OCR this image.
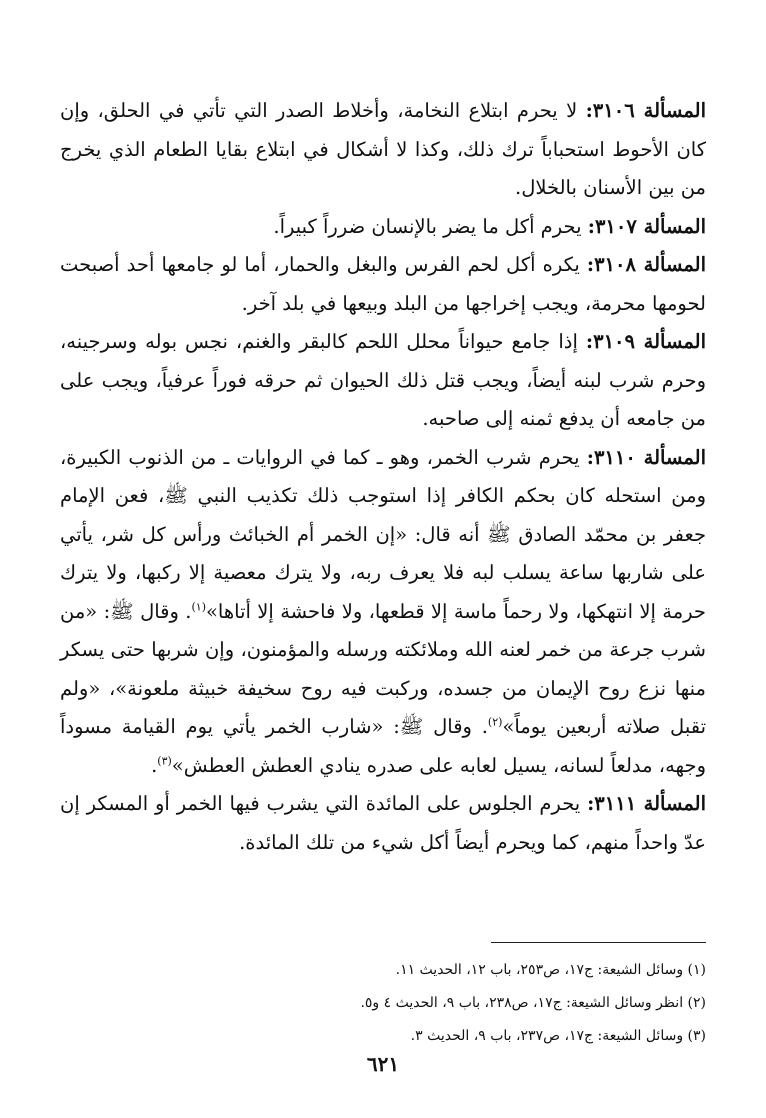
المسألة ٣١٠٦: لا يحرم ابتلاع النخامة، وأخلاط الصدر التي تأتي في الحلق، وإن كان الأحوط استحباباً ترك ذلك، وكذا لا أشكال في ابتلاع بقايا الطعام الذي يخرج من بين الأسنان بالخلال.

المسألة ٣١٠٧: يحرم أكل ما يضر بالإنسان ضرراً كبيراً.

المسألة ٣١٠٨: يكره أكل لحم الفرس والبغل والحمار، أما لو جامعها أحد أصبحت لحومها محرمة، ويجب إخراجها من البلد وبيعها في بلد آخر.

المسألة ٣١٠٩: إذا جامع حيواناً محلل اللحم كالبقر والغنم، نجس بوله وسرجينه، وحرم شرب لبنه أيضاً، ويجب قتل ذلك الحيوان ثم حرقه فوراً عرفياً، ويجب على من جامعه أن يدفع ثمنه إلى صاحبه.

المسألة ٣١١٠: يحرم شرب الخمر، وهو ـ كما في الروايات ـ من الذنوب الكبيرة، ومن استحله كان بحكم الكافر إذا استوجب ذلك تكذيب النبي ﷺ، فعن الإمام جعفر بن محمّد الصادق ﷺ أنه قال: «إن الخمر أم الخبائث ورأس كل شر، يأتي على شاربها ساعة يسلب لبه فلا يعرف ربه، ولا يترك معصية إلا ركبها، ولا يترك حرمة إلا انتهكها، ولا رحماً ماسة إلا قطعها، ولا فاحشة إلا أتاها»$^{(١)}$. وقال ﷺ: «من شرب جرعة من خمر لعنه الله وملائكته ورسله والمؤمنون، وإن شربها حتى يسكر منها نزع روح الإيمان من جسده، وركبت فيه روح سخيفة خبيثة ملعونة»، «ولم تقبل صلاته أربعين يوماً»$^{(٢)}$. وقال ﷺ: «شارب الخمر يأتي يوم القيامة مسوداً وجهه، مدلعاً لسانه، يسيل لعابه على صدره ينادي العطش العطش»$^{(٣)}$.

المسألة ٣١١١: يحرم الجلوس على المائدة التي يشرب فيها الخمر أو المسكر إن عدّ واحداً منهم، كما ويحرم أيضاً أكل شيء من تلك المائدة.

(١) وسائل الشيعة: ج١٧، ص٢٥٣، باب ١٢، الحديث ١١.

(٢) انظر وسائل الشيعة: ج١٧، ص٢٣٨، باب ٩، الحديث ٤ و٥.

(٣) وسائل الشيعة: ج١٧، ص٢٣٧، باب ٩، الحديث ٣.

٦٢١
